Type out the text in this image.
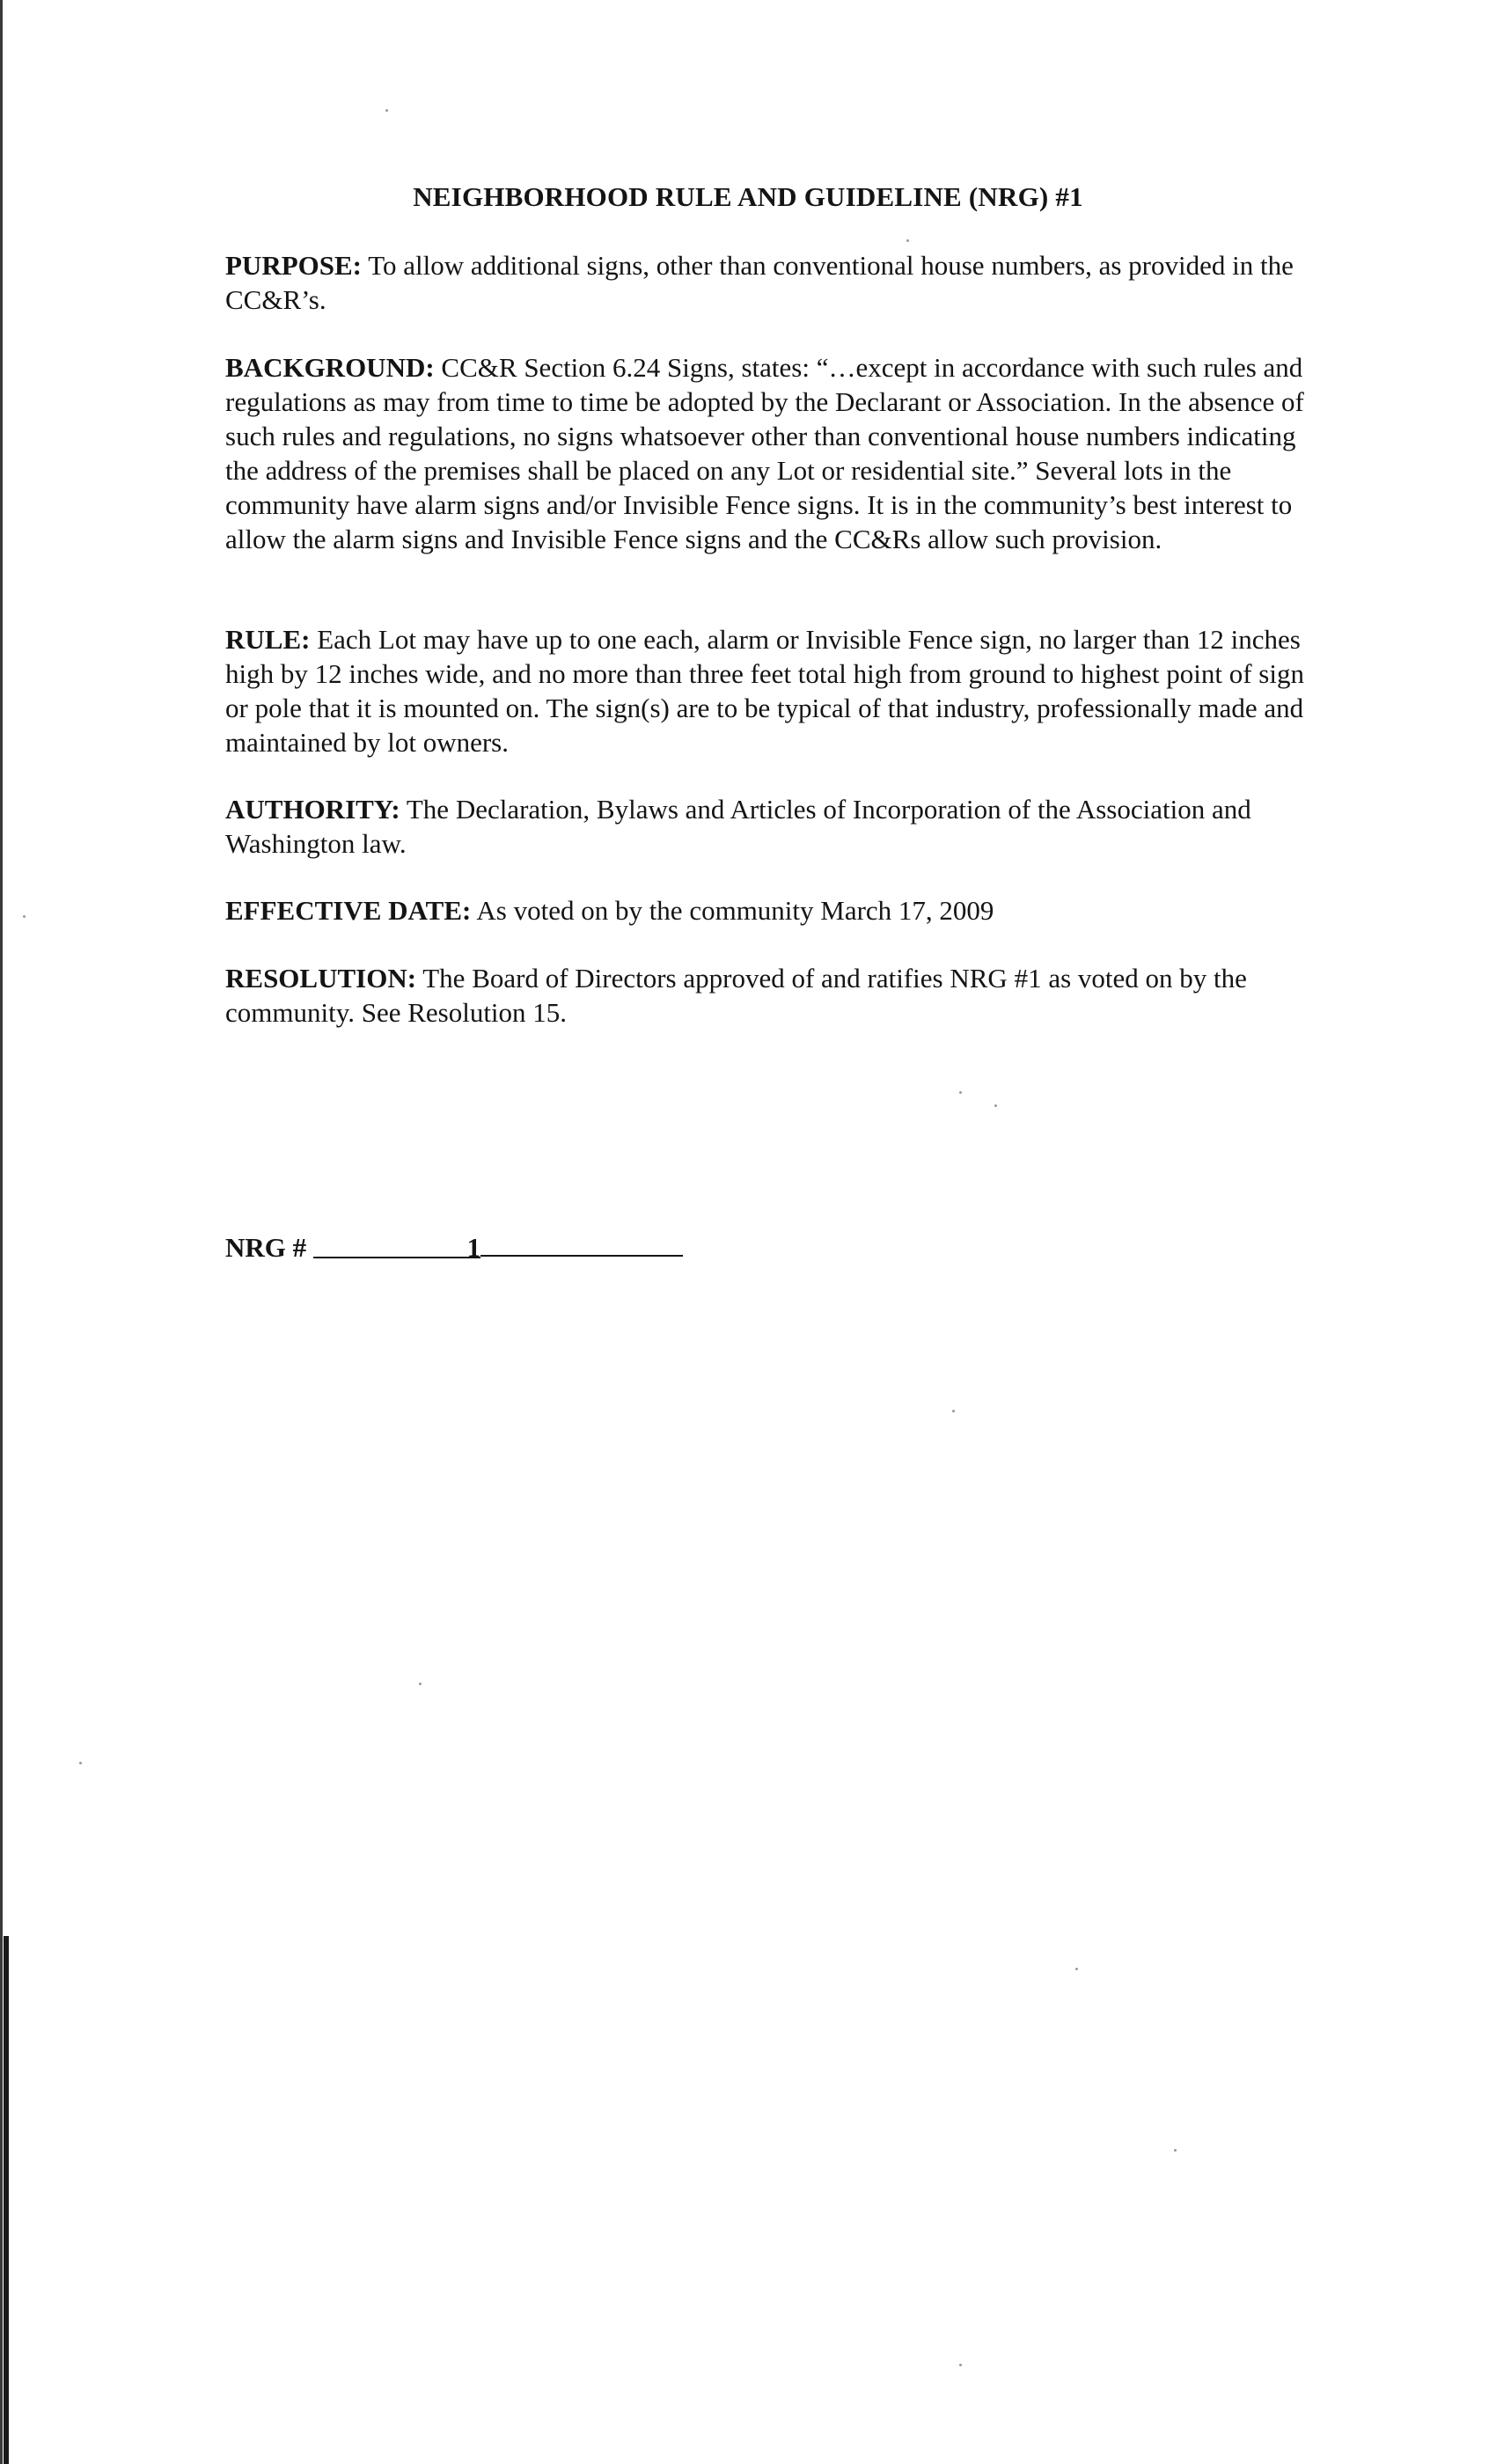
NEIGHBORHOOD RULE AND GUIDELINE (NRG) #1

PURPOSE: To allow additional signs, other than conventional house numbers, as provided in the CC&R’s.

BACKGROUND: CC&R Section 6.24 Signs, states: “…except in accordance with such rules and regulations as may from time to time be adopted by the Declarant or Association. In the absence of such rules and regulations, no signs whatsoever other than conventional house numbers indicating the address of the premises shall be placed on any Lot or residential site.” Several lots in the community have alarm signs and/or Invisible Fence signs. It is in the community’s best interest to allow the alarm signs and Invisible Fence signs and the CC&Rs allow such provision.

RULE: Each Lot may have up to one each, alarm or Invisible Fence sign, no larger than 12 inches high by 12 inches wide, and no more than three feet total high from ground to highest point of sign or pole that it is mounted on. The sign(s) are to be typical of that industry, professionally made and maintained by lot owners.

AUTHORITY: The Declaration, Bylaws and Articles of Incorporation of the Association and Washington law.

EFFECTIVE DATE: As voted on by the community March 17, 2009

RESOLUTION: The Board of Directors approved of and ratifies NRG #1 as voted on by the community. See Resolution 15.

NRG #	1
